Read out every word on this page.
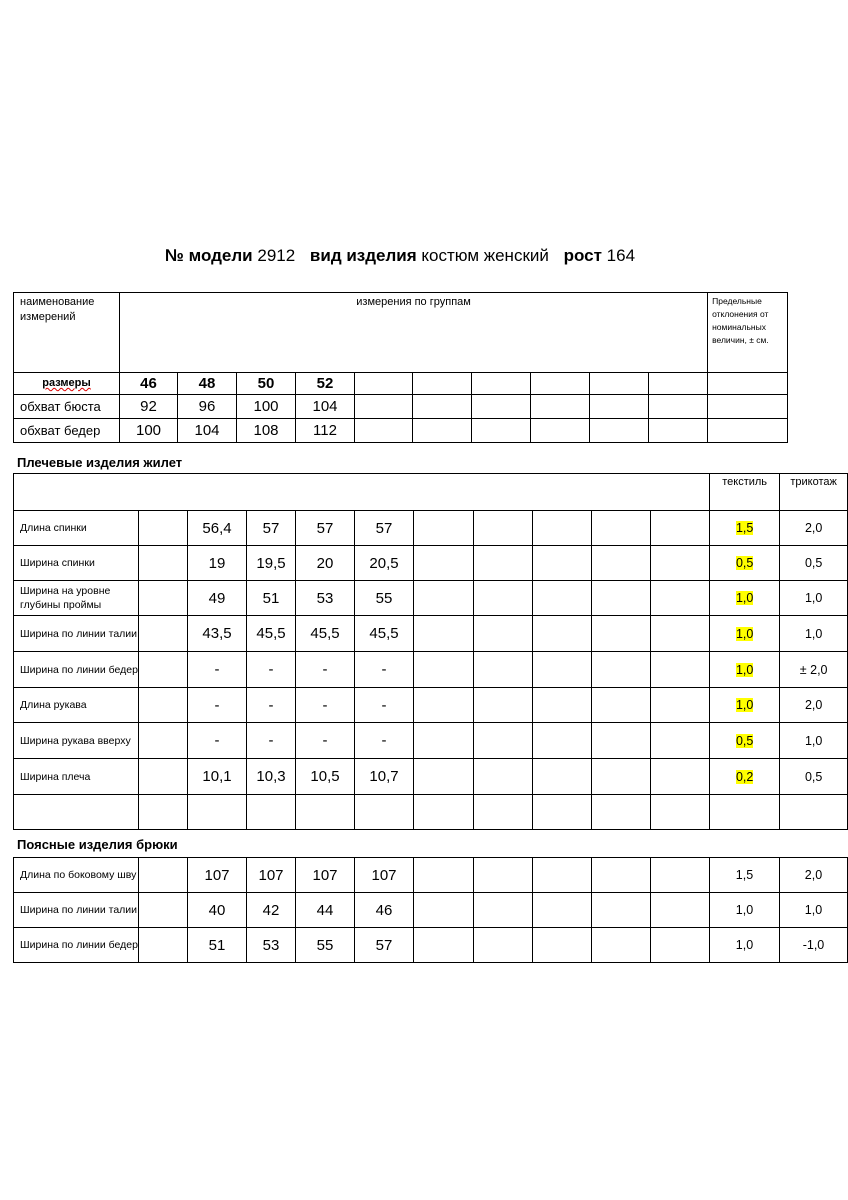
№ модели 2912 вид изделия костюм женский рост 164
наименование измерений	измерения по группам										Предельные отклонения от номинальных величин, ± см.
размеры	46	48	50	52							
обхват бюста	92	96	100	104							
обхват бедер	100	104	108	112							
Плечевые изделия жилет
											текстиль	трикотаж
Длина спинки		56,4	57	57	57						1,5	2,0
Ширина спинки		19	19,5	20	20,5						0,5	0,5
Ширина на уровне глубины проймы		49	51	53	55						1,0	1,0
Ширина по линии талии		43,5	45,5	45,5	45,5						1,0	1,0
Ширина по линии бедер		-	-	-	-						1,0	± 2,0
Длина рукава		-	-	-	-						1,0	2,0
Ширина рукава вверху		-	-	-	-						0,5	1,0
Ширина плеча		10,1	10,3	10,5	10,7						0,2	0,5

Поясные изделия брюки
Длина по боковому шву		107	107	107	107						1,5	2,0
Ширина по линии талии		40	42	44	46						1,0	1,0
Ширина по линии бедер		51	53	55	57						1,0	-1,0
